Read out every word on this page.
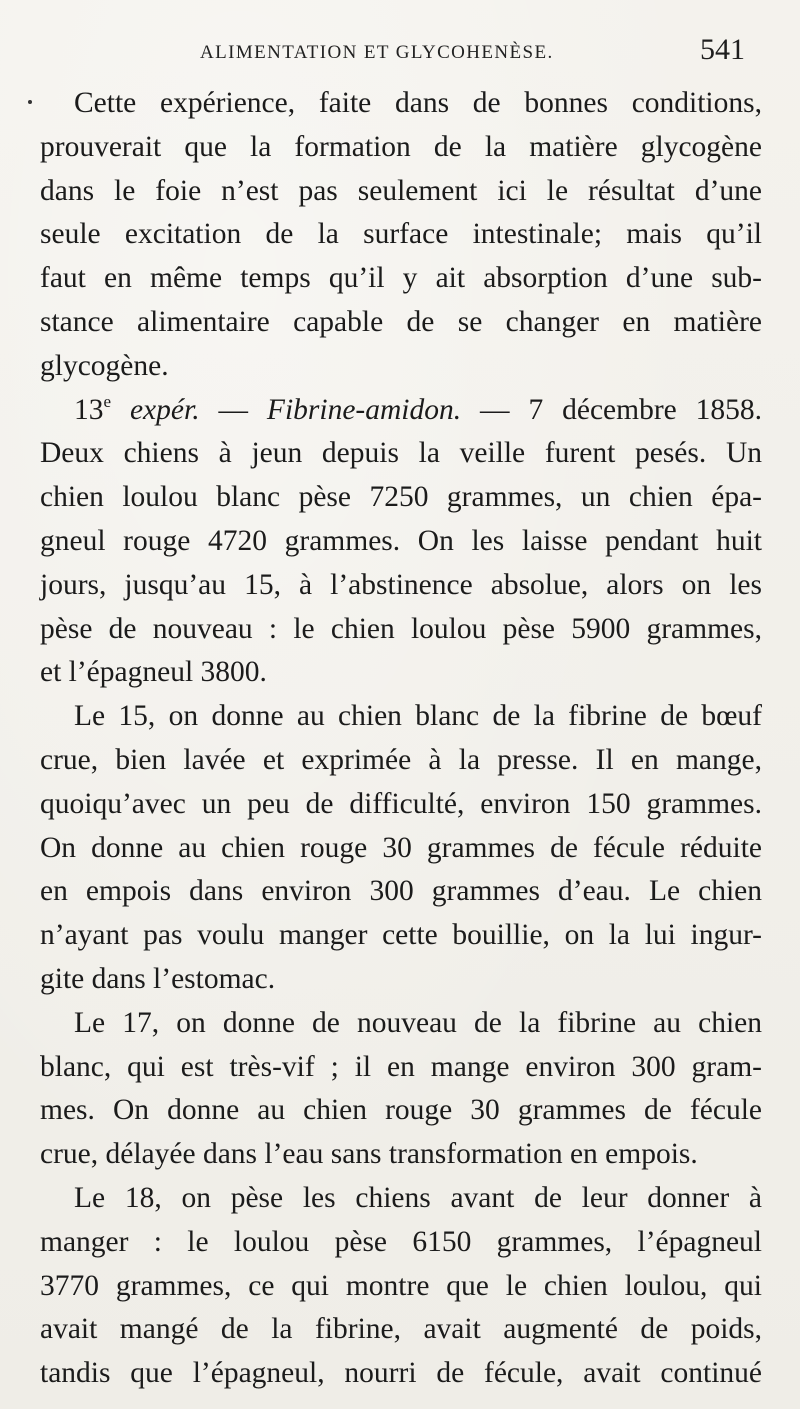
ALIMENTATION ET GLYCOHENÈSE.	541
Cette expérience, faite dans de bonnes conditions,
prouverait que la formation de la matière glycogène
dans le foie n’est pas seulement ici le résultat d’une
seule excitation de la surface intestinale; mais qu’il
faut en même temps qu’il y ait absorption d’une sub-
stance alimentaire capable de se changer en matière
glycogène.
13e expér. — Fibrine-amidon. — 7 décembre 1858.
Deux chiens à jeun depuis la veille furent pesés. Un
chien loulou blanc pèse 7250 grammes, un chien épa-
gneul rouge 4720 grammes. On les laisse pendant huit
jours, jusqu’au 15, à l’abstinence absolue, alors on les
pèse de nouveau : le chien loulou pèse 5900 grammes,
et l’épagneul 3800.
Le 15, on donne au chien blanc de la fibrine de bœuf
crue, bien lavée et exprimée à la presse. Il en mange,
quoiqu’avec un peu de difficulté, environ 150 grammes.
On donne au chien rouge 30 grammes de fécule réduite
en empois dans environ 300 grammes d’eau. Le chien
n’ayant pas voulu manger cette bouillie, on la lui ingur-
gite dans l’estomac.
Le 17, on donne de nouveau de la fibrine au chien
blanc, qui est très-vif ; il en mange environ 300 gram-
mes. On donne au chien rouge 30 grammes de fécule
crue, délayée dans l’eau sans transformation en empois.
Le 18, on pèse les chiens avant de leur donner à
manger : le loulou pèse 6150 grammes, l’épagneul
3770 grammes, ce qui montre que le chien loulou, qui
avait mangé de la fibrine, avait augmenté de poids,
tandis que l’épagneul, nourri de fécule, avait continué
